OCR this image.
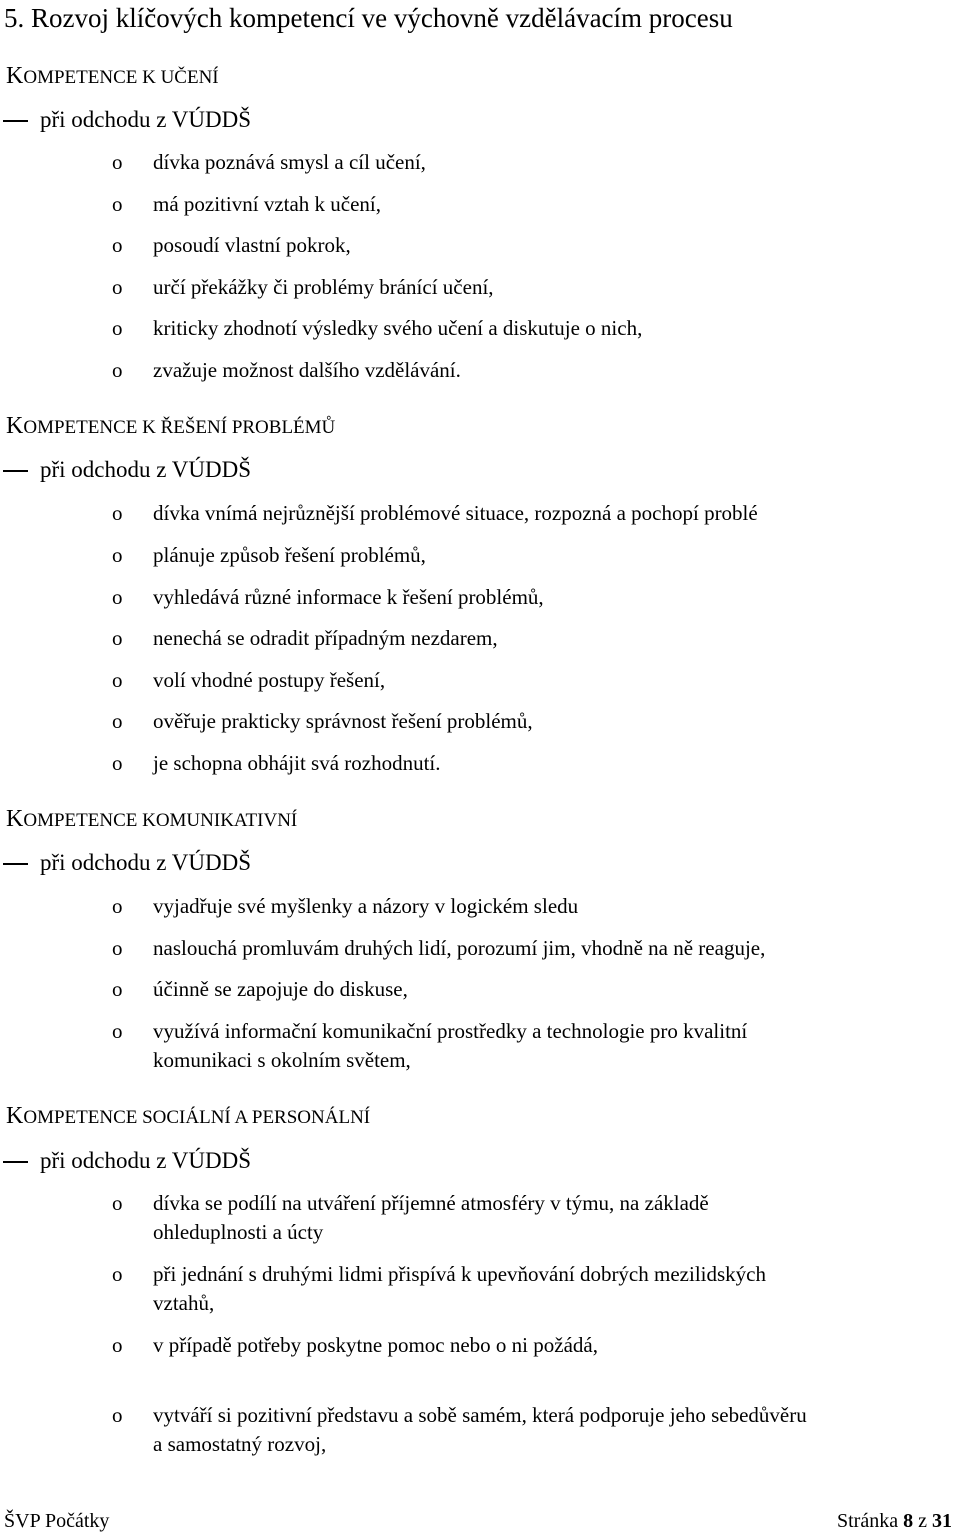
5. Rozvoj klíčových kompetencí ve výchovně vzdělávacím procesu
KOMPETENCE K UČENÍ
při odchodu z VÚDDŠ
o dívka poznává smysl a cíl učení,
o má pozitivní vztah k učení,
o posoudí vlastní pokrok,
o určí překážky či problémy bránící učení,
o kriticky zhodnotí výsledky svého učení a diskutuje o nich,
o zvažuje možnost dalšího vzdělávání.
KOMPETENCE K ŘEŠENÍ PROBLÉMŮ
při odchodu z VÚDDŠ
o dívka vnímá nejrůznější problémové situace, rozpozná a pochopí problé
o plánuje způsob řešení problémů,
o vyhledává různé informace k řešení problémů,
o nenechá se odradit případným nezdarem,
o volí vhodné postupy řešení,
o ověřuje prakticky správnost řešení problémů,
o je schopna obhájit svá rozhodnutí.
KOMPETENCE KOMUNIKATIVNÍ
při odchodu z VÚDDŠ
o vyjadřuje své myšlenky a názory v logickém sledu
o naslouchá promluvám druhých lidí, porozumí jim, vhodně na ně reaguje,
o účinně se zapojuje do diskuse,
o využívá informační komunikační prostředky a technologie pro kvalitní
komunikaci s okolním světem,
KOMPETENCE SOCIÁLNÍ A PERSONÁLNÍ
při odchodu z VÚDDŠ
o dívka se podílí na utváření příjemné atmosféry v týmu, na základě
ohleduplnosti a úcty
o při jednání s druhými lidmi přispívá k upevňování dobrých mezilidských
vztahů,
o v případě potřeby poskytne pomoc nebo o ni požádá,
o vytváří si pozitivní představu a sobě samém, která podporuje jeho sebedůvěru
a samostatný rozvoj,
ŠVP Počátky	Stránka 8 z 31
